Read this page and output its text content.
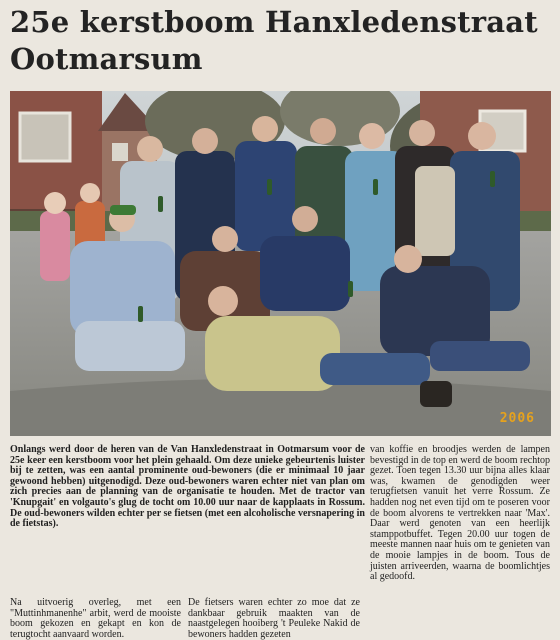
25e kerstboom Hanxledenstraat
Ootmarsum
2006

Onlangs werd door de heren van de Van Hanxledenstraat in Ootmarsum voor de 25e keer een kerstboom voor het plein gehaald. Om deze unieke gebeurtenis luister bij te zetten, was een aantal prominente oud-bewoners (die er minimaal 10 jaar gewoond hebben) uitgenodigd. Deze oud-bewoners waren echter niet van plan om zich precies aan de planning van de organisatie te houden. Met de tractor van 'Knupgait' en volgauto's glug de tocht om 10.00 uur naar de kapplaats in Rossum. De oud-bewoners wilden echter per se fietsen (met een alcoholische versnapering in de fietstas).

Na uitvoerig overleg, met een "Muttinhmanenhe" arbit, werd de mooiste boom gekozen en gekapt en kon de terugtocht aanvaard worden.

De fietsers waren echter zo moe dat ze dankbaar gebruik maakten van de naastgelegen hooiberg 't Peuleke Nakid de bewoners hadden gezeten

van koffie en broodjes werden de lampen bevestigd in de top en werd de boom rechtop gezet. Toen tegen 13.30 uur bijna alles klaar was, kwamen de genodigden weer terugfietsen vanuit het verre Rossum. Ze hadden nog net even tijd om te poseren voor de boom alvorens te vertrekken naar 'Max'. Daar werd genoten van een heerlijk stamppotbuffet. Tegen 20.00 uur togen de meeste mannen naar huis om te genieten van de mooie lampjes in de boom. Tous de juisten arriveerden, waarna de boomlichtjes al gedoofd.
